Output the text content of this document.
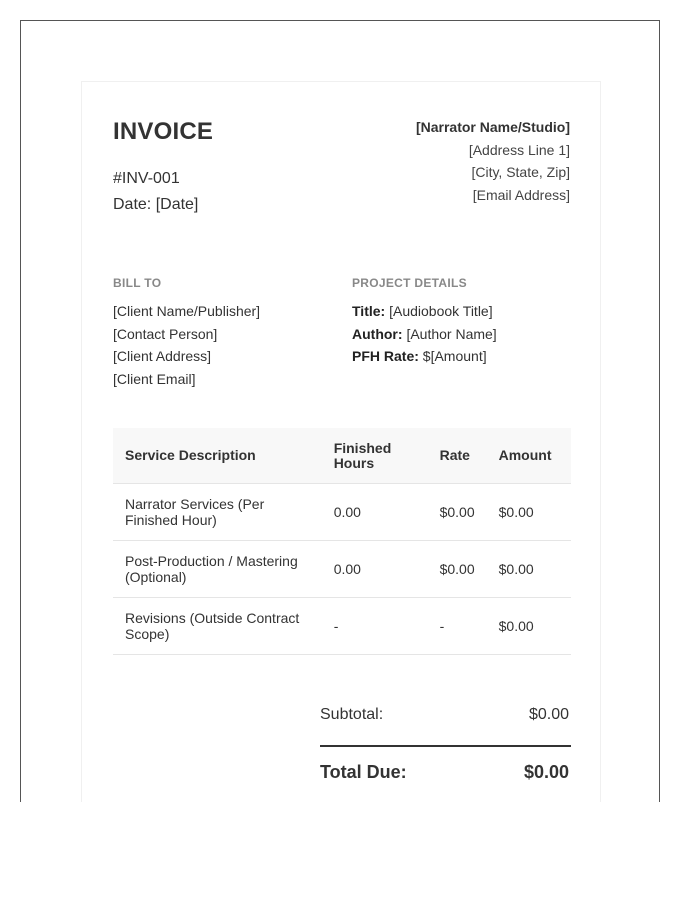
INVOICE
#INV-001
Date: [Date]
[Narrator Name/Studio]
[Address Line 1]
[City, State, Zip]
[Email Address]
BILL TO
[Client Name/Publisher]
[Contact Person]
[Client Address]
[Client Email]
PROJECT DETAILS
Title: [Audiobook Title]
Author: [Author Name]
PFH Rate: $[Amount]
Service Description	Finished Hours	Rate	Amount
Narrator Services (Per Finished Hour)	0.00	$0.00	$0.00
Post-Production / Mastering (Optional)	0.00	$0.00	$0.00
Revisions (Outside Contract Scope)	-	-	$0.00
Subtotal:	$0.00
Total Due:	$0.00
